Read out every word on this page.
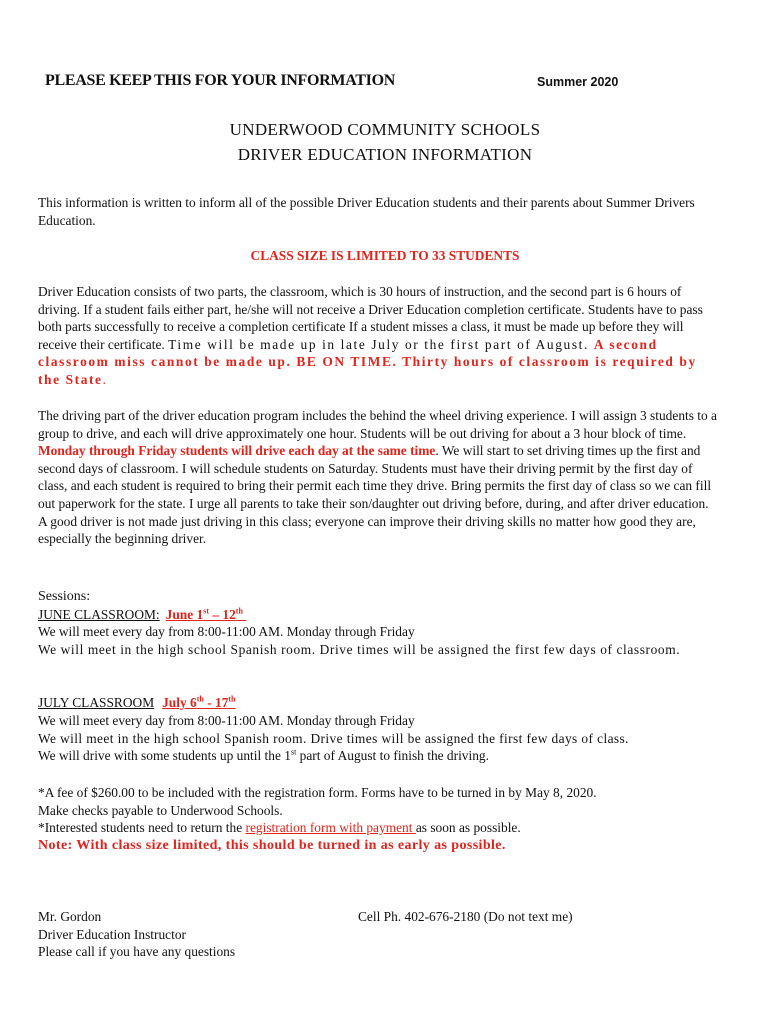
PLEASE KEEP THIS FOR YOUR INFORMATION	Summer 2020
UNDERWOOD COMMUNITY SCHOOLS
DRIVER EDUCATION INFORMATION
This information is written to inform all of the possible Driver Education students and their parents about Summer Drivers Education.
CLASS SIZE IS LIMITED TO 33 STUDENTS
Driver Education consists of two parts, the classroom, which is 30 hours of instruction, and the second part is 6 hours of driving. If a student fails either part, he/she will not receive a Driver Education completion certificate. Students have to pass both parts successfully to receive a completion certificate If a student misses a class, it must be made up before they will receive their certificate. Time will be made up in late July or the first part of August. A second classroom miss cannot be made up. BE ON TIME. Thirty hours of classroom is required by the State.
The driving part of the driver education program includes the behind the wheel driving experience. I will assign 3 students to a group to drive, and each will drive approximately one hour. Students will be out driving for about a 3 hour block of time. Monday through Friday students will drive each day at the same time. We will start to set driving times up the first and second days of classroom. I will schedule students on Saturday. Students must have their driving permit by the first day of class, and each student is required to bring their permit each time they drive. Bring permits the first day of class so we can fill out paperwork for the state. I urge all parents to take their son/daughter out driving before, during, and after driver education. A good driver is not made just driving in this class; everyone can improve their driving skills no matter how good they are, especially the beginning driver.
Sessions:
JUNE CLASSROOM: June 1st – 12th
We will meet every day from 8:00-11:00 AM. Monday through Friday
We will meet in the high school Spanish room. Drive times will be assigned the first few days of classroom.
JULY CLASSROOM July 6th - 17th
We will meet every day from 8:00-11:00 AM. Monday through Friday
We will meet in the high school Spanish room. Drive times will be assigned the first few days of class.
We will drive with some students up until the 1st part of August to finish the driving.
*A fee of $260.00 to be included with the registration form. Forms have to be turned in by May 8, 2020.
Make checks payable to Underwood Schools.
*Interested students need to return the registration form with payment as soon as possible.
Note: With class size limited, this should be turned in as early as possible.
Mr. Gordon
Driver Education Instructor
Please call if you have any questions
Cell Ph. 402-676-2180 (Do not text me)
